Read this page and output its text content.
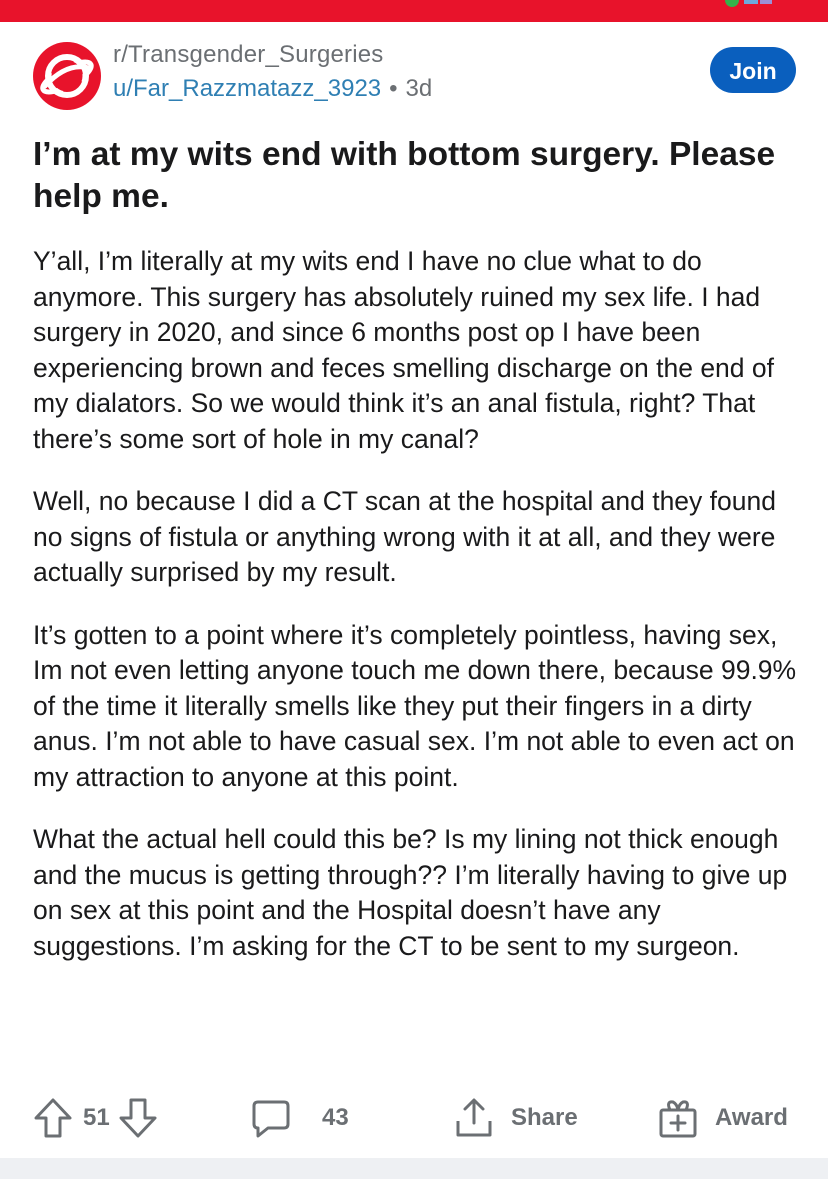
r/Transgender_Surgeries
u/Far_Razzmatazz_3923 • 3d
Join
I’m at my wits end with bottom surgery. Please help me.

Y’all, I’m literally at my wits end I have no clue what to do anymore. This surgery has absolutely ruined my sex life. I had surgery in 2020, and since 6 months post op I have been experiencing brown and feces smelling discharge on the end of my dialators. So we would think it’s an anal fistula, right? That there’s some sort of hole in my canal?

Well, no because I did a CT scan at the hospital and they found no signs of fistula or anything wrong with it at all, and they were actually surprised by my result.

It’s gotten to a point where it’s completely pointless, having sex, Im not even letting anyone touch me down there, because 99.9% of the time it literally smells like they put their fingers in a dirty anus. I’m not able to have casual sex. I’m not able to even act on my attraction to anyone at this point.

What the actual hell could this be? Is my lining not thick enough and the mucus is getting through?? I’m literally having to give up on sex at this point and the Hospital doesn’t have any suggestions. I’m asking for the CT to be sent to my surgeon.

51	43	Share	Award
